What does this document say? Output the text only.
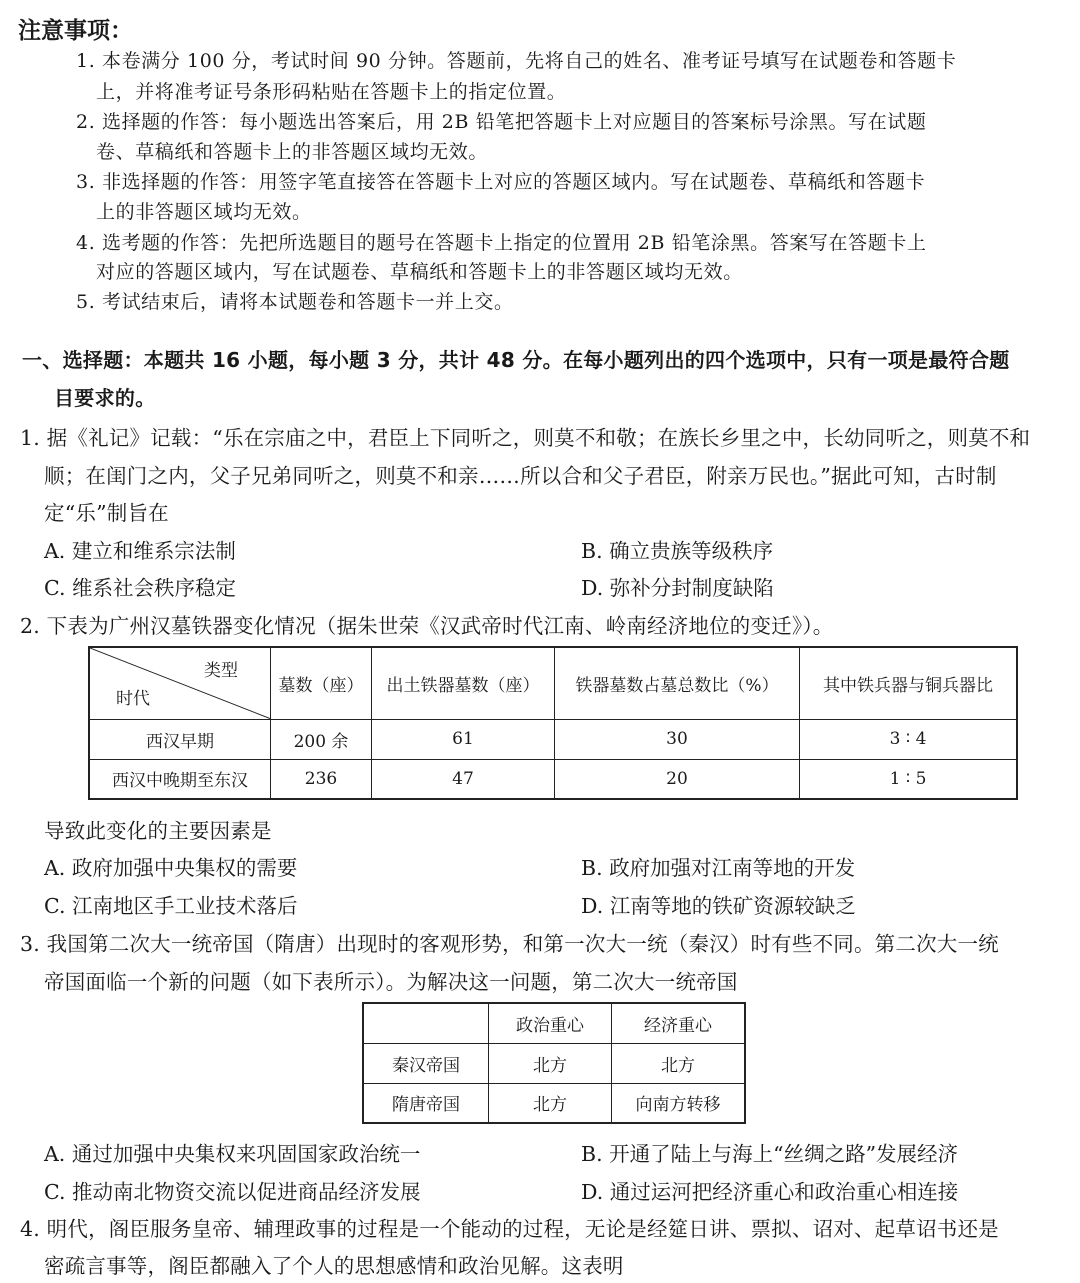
注意事项：
1. 本卷满分 100 分，考试时间 90 分钟。答题前，先将自己的姓名、准考证号填写在试题卷和答题卡
上，并将准考证号条形码粘贴在答题卡上的指定位置。
2. 选择题的作答：每小题选出答案后，用 2B 铅笔把答题卡上对应题目的答案标号涂黑。写在试题
卷、草稿纸和答题卡上的非答题区域均无效。
3. 非选择题的作答：用签字笔直接答在答题卡上对应的答题区域内。写在试题卷、草稿纸和答题卡
上的非答题区域均无效。
4. 选考题的作答：先把所选题目的题号在答题卡上指定的位置用 2B 铅笔涂黑。答案写在答题卡上
对应的答题区域内，写在试题卷、草稿纸和答题卡上的非答题区域均无效。
5. 考试结束后，请将本试题卷和答题卡一并上交。
一、选择题：本题共 16 小题，每小题 3 分，共计 48 分。在每小题列出的四个选项中，只有一项是最符合题
目要求的。
1. 据《礼记》记载：“乐在宗庙之中，君臣上下同听之，则莫不和敬；在族长乡里之中，长幼同听之，则莫不和
顺；在闺门之内，父子兄弟同听之，则莫不和亲……所以合和父子君臣，附亲万民也。”据此可知，古时制
定“乐”制旨在
A. 建立和维系宗法制	B. 确立贵族等级秩序
C. 维系社会秩序稳定	D. 弥补分封制度缺陷
2. 下表为广州汉墓铁器变化情况（据朱世荣《汉武帝时代江南、岭南经济地位的变迁》）。
类型
时代	墓数（座）	出土铁器墓数（座）	铁器墓数占墓总数比（%）	其中铁兵器与铜兵器比
西汉早期	200 余	61	30	3 ∶ 4
西汉中晚期至东汉	236	47	20	1 ∶ 5
导致此变化的主要因素是
A. 政府加强中央集权的需要	B. 政府加强对江南等地的开发
C. 江南地区手工业技术落后	D. 江南等地的铁矿资源较缺乏
3. 我国第二次大一统帝国（隋唐）出现时的客观形势，和第一次大一统（秦汉）时有些不同。第二次大一统
帝国面临一个新的问题（如下表所示）。为解决这一问题，第二次大一统帝国
	政治重心	经济重心
秦汉帝国	北方	北方
隋唐帝国	北方	向南方转移
A. 通过加强中央集权来巩固国家政治统一	B. 开通了陆上与海上“丝绸之路”发展经济
C. 推动南北物资交流以促进商品经济发展	D. 通过运河把经济重心和政治重心相连接
4. 明代，阁臣服务皇帝、辅理政事的过程是一个能动的过程，无论是经筵日讲、票拟、诏对、起草诏书还是
密疏言事等，阁臣都融入了个人的思想感情和政治见解。这表明
